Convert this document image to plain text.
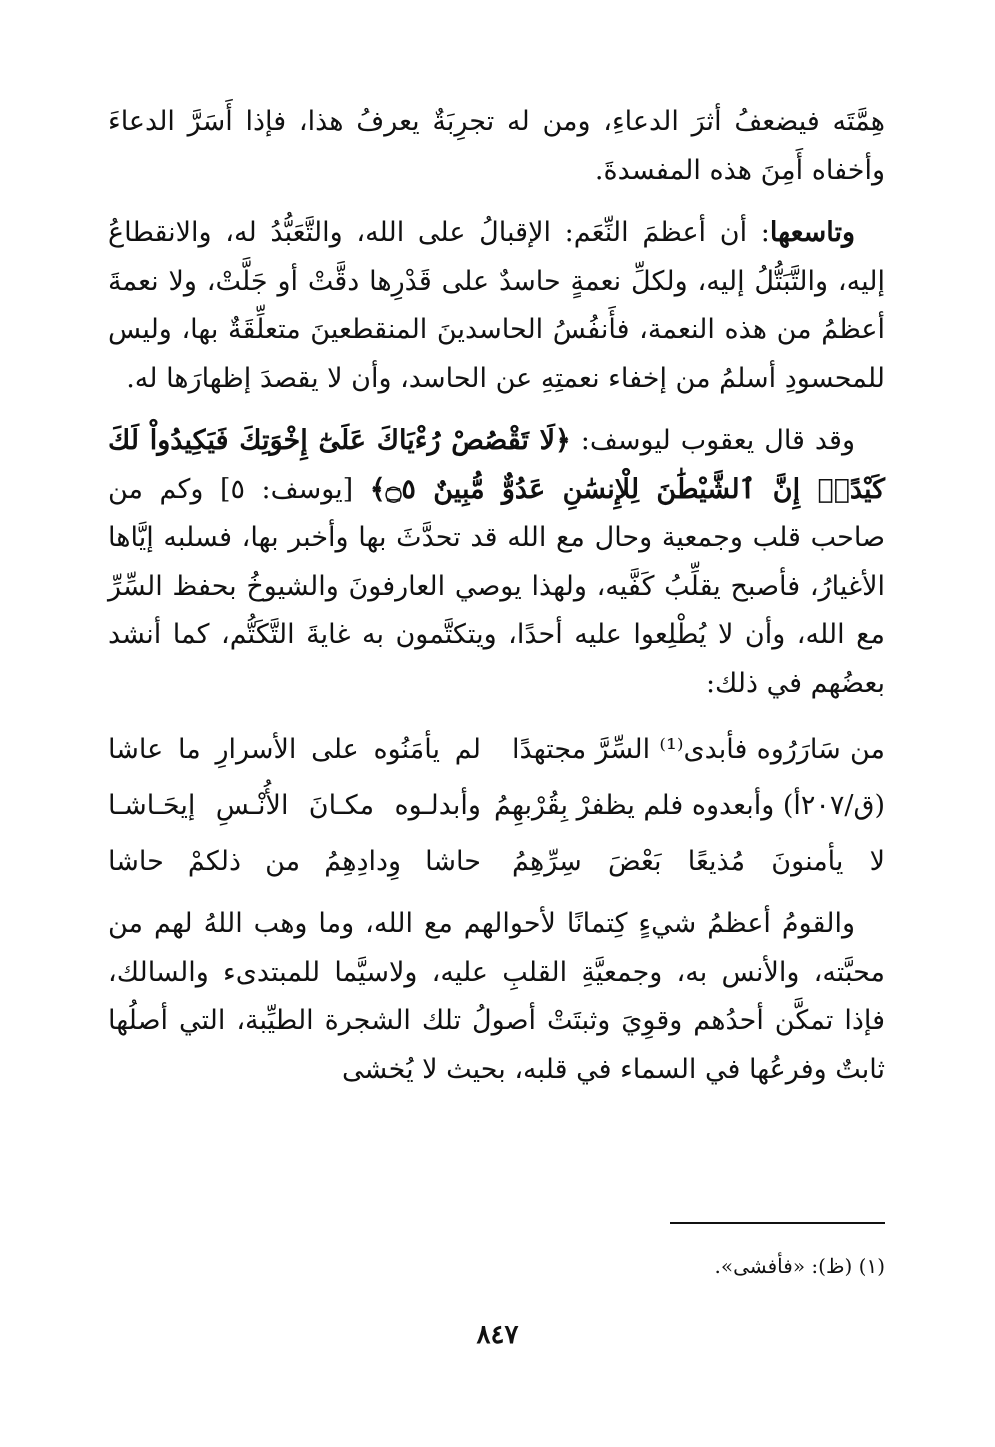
هِمَّتَه فيضعفُ أثرَ الدعاءِ، ومن له تجرِبَةٌ يعرفُ هذا، فإذا أَسَرَّ الدعاءَ وأخفاه أَمِنَ هذه المفسدةَ.

وتاسعها: أن أعظمَ النِّعَم: الإقبالُ على الله، والتَّعَبُّدُ له، والانقطاعُ إليه، والتَّبَتُّلُ إليه، ولكلِّ نعمةٍ حاسدٌ على قَدْرِها دقَّتْ أو جَلَّتْ، ولا نعمةَ أعظمُ من هذه النعمة، فأَنفُسُ الحاسدينَ المنقطعينَ متعلِّقَةٌ بها، وليس للمحسودِ أسلمُ من إخفاء نعمتِهِ عن الحاسد، وأن لا يقصدَ إظهارَها له.

وقد قال يعقوب ليوسف: ﴿لَا تَقْصُصْ رُءْيَاكَ عَلَىٰٓ إِخْوَتِكَ فَيَكِيدُواْ لَكَ كَيْدًاۖ إِنَّ ٱلشَّيْطَٰنَ لِلْإِنسَٰنِ عَدُوٌّ مُّبِينٌ ۝٥﴾ [يوسف: ٥] وكم من صاحب قلب وجمعية وحال مع الله قد تحدَّثَ بها وأخبر بها، فسلبه إيَّاها الأغيارُ، فأصبح يقلِّبُ كَفَّيه، ولهذا يوصي العارفونَ والشيوخُ بحفظ السِّرِّ مع الله، وأن لا يُطْلِعوا عليه أحدًا، ويتكتَّمون به غايةَ التَّكَتُّم، كما أنشد بعضُهم في ذلك:

من سَارَرُوه فأبدى⁽¹⁾ السِّرَّ مجتهدًا
لم يأمَنُوه على الأسرارِ ما عاشا
(ق/٢٠٧أ) وأبعدوه فلم يظفرْ بِقُرْبهِمُ
وأبدلـوه مكـانَ الأُنْـسِ إيحَـاشـا
لا يأمنونَ مُذيعًا بَعْضَ سِرِّهِمُ
حاشا وِدادِهِمُ من ذلكمْ حاشا

والقومُ أعظمُ شيءٍ كِتمانًا لأحوالهم مع الله، وما وهب اللهُ لهم من محبَّته، والأنس به، وجمعيَّةِ القلبِ عليه، ولاسيَّما للمبتدىء والسالك، فإذا تمكَّن أحدُهم وقوِيَ وثبتَتْ أصولُ تلك الشجرة الطيِّبة، التي أصلُها ثابتٌ وفرعُها في السماء في قلبه، بحيث لا يُخشى

(١) (ظ): «فأفشى».
٨٤٧
